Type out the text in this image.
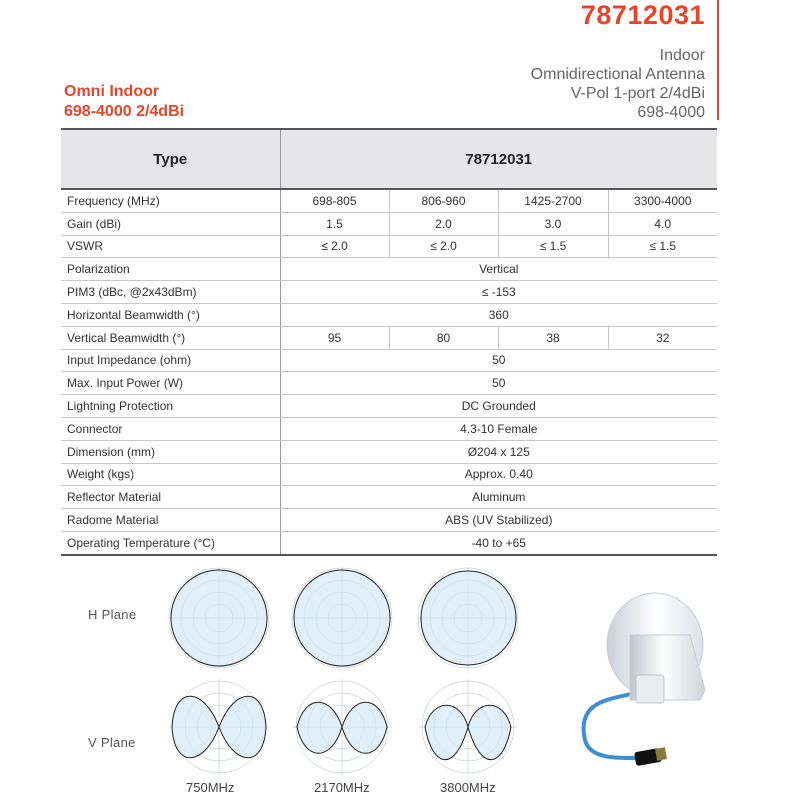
78712031
Indoor
Omnidirectional Antenna
V-Pol 1-port 2/4dBi
698-4000
Omni Indoor
698-4000 2/4dBi
Type	78712031			
Frequency (MHz)	698-805	806-960	1425-2700	3300-4000
Gain (dBi)	1.5	2.0	3.0	4.0
VSWR	≤ 2.0	≤ 2.0	≤ 1.5	≤ 1.5
Polarization	Vertical			
PIM3 (dBc, @2x43dBm)	≤ -153			
Horizontal Beamwidth (°)	360			
Vertical Beamwidth (°)	95	80	38	32
Input Impedance (ohm)	50			
Max. Input Power (W)	50			
Lightning Protection	DC Grounded			
Connector	4.3-10 Female			
Dimension (mm)	Ø204 x 125			
Weight (kgs)	Approx. 0.40			
Reflector Material	Aluminum			
Radome Material	ABS (UV Stabilized)			
Operating Temperature (°C)	-40 to +65			
H Plane
V Plane
750MHz	2170MHz	3800MHz
